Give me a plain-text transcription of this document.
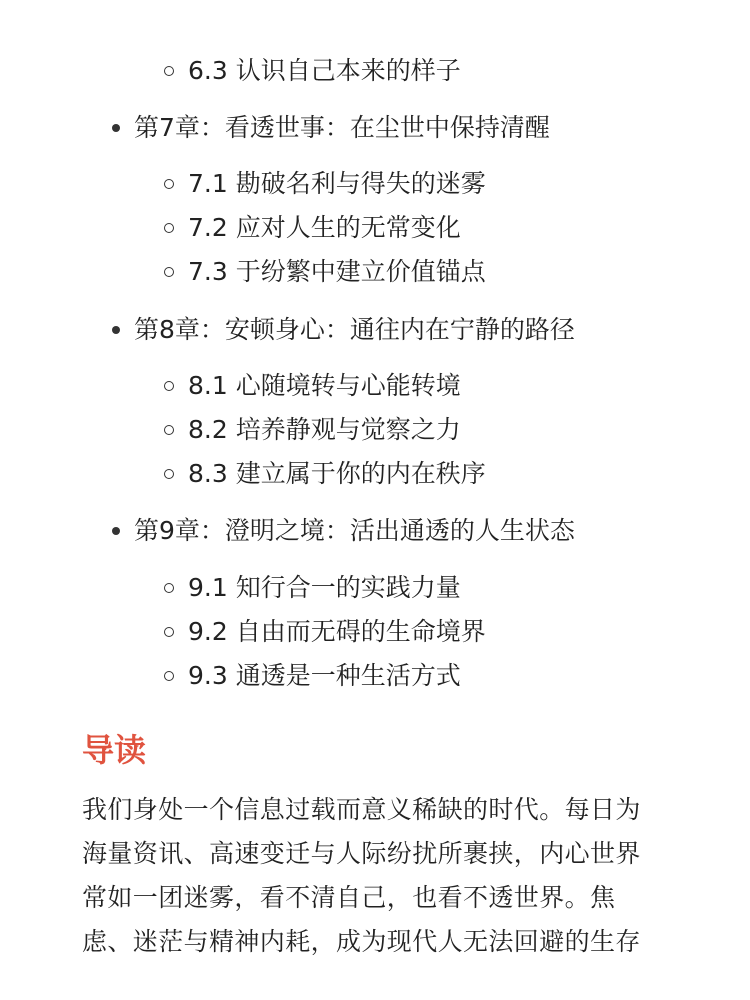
6.3 认识自己本来的样子
第7章：看透世事：在尘世中保持清醒
7.1 勘破名利与得失的迷雾
7.2 应对人生的无常变化
7.3 于纷繁中建立价值锚点
第8章：安顿身心：通往内在宁静的路径
8.1 心随境转与心能转境
8.2 培养静观与觉察之力
8.3 建立属于你的内在秩序
第9章：澄明之境：活出通透的人生状态
9.1 知行合一的实践力量
9.2 自由而无碍的生命境界
9.3 通透是一种生活方式
导读
我们身处一个信息过载而意义稀缺的时代。每日为
海量资讯、高速变迁与人际纷扰所裹挟，内心世界
常如一团迷雾，看不清自己，也看不透世界。焦
虑、迷茫与精神内耗，成为现代人无法回避的生存
